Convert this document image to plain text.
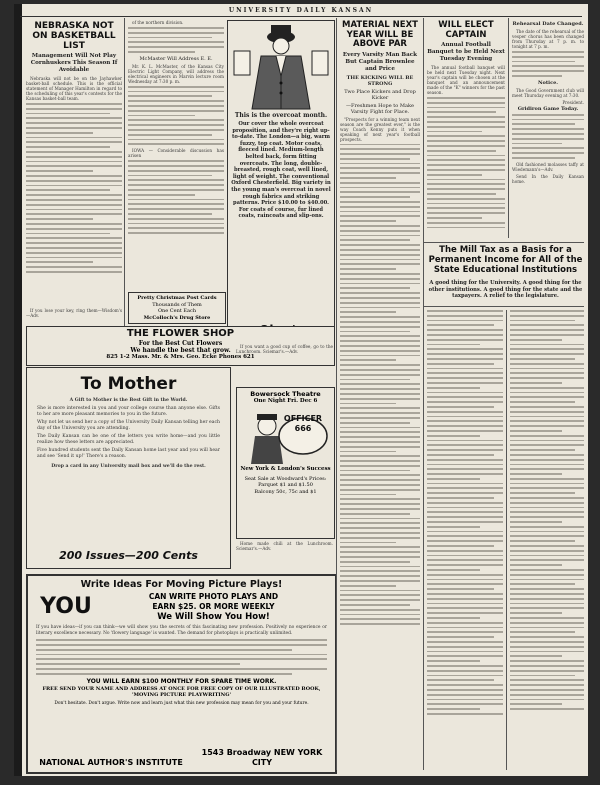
UNIVERSITY DAILY KANSAN
NEBRASKA NOT ON BASKETBALL LIST
Management Will Not Play Cornhuskers This Season If Avoidable

Nebraska will not be on the Jayhawker basket-ball schedule. This is the official statement of Manager Hamilton in regard to the scheduling of this year's contests for the Kansas basket-ball team.

If you lose your key, ring them—Wisdom's—Adv.

of the northern division.

McMaster Will Address E. E.

Mr. K. L. McMaster, of the Kansas City Electric Light Company, will address the electrical engineers in Marvin lecture room Wednesday at 7:30 p. m.

IOWA — Considerable discussion has arisen

Pretty Christmas Post Cards
Thousands of Them
One Cent Each
McColloch's Drug Store
This is the overcoat month.
Our cover the whole overcoat proposition, and they're right up-to-date. The London—a big, warm fuzzy, top coat. Motor coats, fleeced lined. Medium-length belted back, form fitting overcoats. The long, double-breasted, rough coat, well lined, light of weight. The conventional Oxford Chesterfield. Big variety in the young man's overcoat in novel rough fabrics and striking patterns. Price $10.00 to $40.00. For coats of course, fur lined coats, raincoats and slip-ons.
THE FLOWER SHOP
For the Best Cut Flowers
We handle the best that grow.
825 1-2 Mass. Mr. & Mrs. Geo. Ecke Phones 621
To Mother

A Gift to Mother is the Best Gift in the World.

She is more interested in you and your college course than anyone else. Gifts to her are more pleasant memories to you in the future.

Why not let us send her a copy of the University Daily Kansan telling her each day of the University you are attending.

The Daily Kansan can be one of the letters you write home—and you little realize how these letters are appreciated.

Five hundred students sent the Daily Kansan home last year and you will hear and see 'Send it up!' There's a reason.

Drop a card in any University mail box and we'll do the rest.

200 Issues—200 Cents

If you want a good cup of coffee, go to the Lunchroom. Sciemar's.—Adv.

Bowersock Theatre
One Night Fri. Dec 6
OFFICER 666
New York & London's Success
Seat Sale at Woodward's Prices:
Parquet $1 and $1.50
Balcony 50c, 75c and $1

Home made chili at the Lunchroom. Sciemar's.—Adv.

Write Ideas For Moving Picture Plays!
YOU	CAN WRITE PHOTO PLAYS AND
EARN $25. OR MORE WEEKLY
We Will Show You How!
If you have ideas—if you can think—we will show you the secrets of this fascinating new profession. Positively no experience or literary excellence necessary. No 'flowery language' is wanted. The demand for photoplays is practically unlimited.
YOU WILL EARN $100 MONTHLY FOR SPARE TIME WORK.
FREE SEND YOUR NAME AND ADDRESS AT ONCE FOR FREE COPY OF OUR ILLUSTRATED BOOK, 'MOVING PICTURE PLAYWRITING'
Don't hesitate. Don't argue. Write now and learn just what this new profession may mean for you and your future.
NATIONAL AUTHOR'S INSTITUTE
1543 Broadway NEW YORK CITY
MATERIAL NEXT YEAR WILL BE ABOVE PAR
Every Varsity Man Back But Captain Brownlee and Price
THE KICKING WILL BE STRONG
Two Place Kickers and Drop Kicker
—Freshmen Hope to Make Varsity Fight for Place.

"Prospects for a winning team next season are the greatest ever," is the way Coach Kenny puts it when speaking of next year's football prospects.

WILL ELECT CAPTAIN
Annual Football Banquet to be Held Next Tuesday Evening

The annual football banquet will be held next Tuesday night. Next year's captain will be chosen at the banquet and an announcement made of the "K" winners for the past season.

Rehearsal Date Changed.

The date of the rehearsal of the vesper chorus has been changed from Thursday at 7 p. m. to tonight at 7 p. m.

Notice.

The Good Government club will meet Thursday evening at 7:30.

President.
Gridiron Game Today.

Old fashioned molasses taffy at Wiedemann's—Adv.

Send In the Daily Kansan home.

The Mill Tax as a Basis for a Permanent Income for All of the State Educational Institutions
A good thing for the University. A good thing for the other institutions. A good thing for the state and the taxpayers. A relief to the legislature.
